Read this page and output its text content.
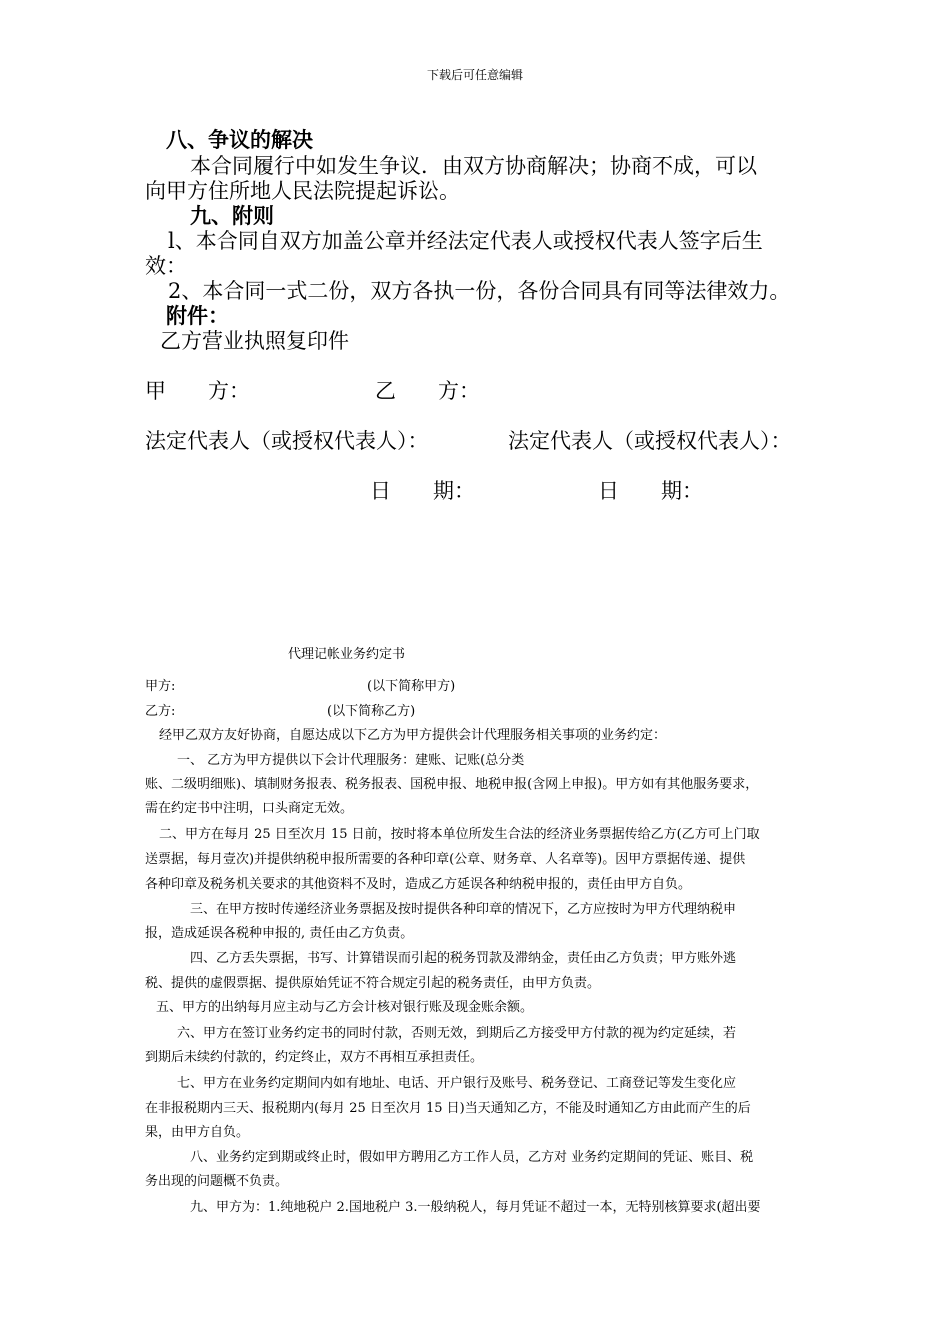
下载后可任意编辑
八、争议的解决
本合同履行中如发生争议．由双方协商解决；协商不成，可以
向甲方住所地人民法院提起诉讼。
九、附则
l、本合同自双方加盖公章并经法定代表人或授权代表人签字后生
效：
2、本合同一式二份，双方各执一份，各份合同具有同等法律效力。
附件：
乙方营业执照复印件
甲　　方：	乙　　方：
法定代表人（或授权代表人）：	法定代表人（或授权代表人）：
日　　期：	日　　期：
代理记帐业务约定书
甲方:	(以下简称甲方)
乙方:	(以下简称乙方)
经甲乙双方友好协商，自愿达成以下乙方为甲方提供会计代理服务相关事项的业务约定：
一、 乙方为甲方提供以下会计代理服务：建账、记账(总分类
账、二级明细账)、填制财务报表、税务报表、国税申报、地税申报(含网上申报)。甲方如有其他服务要求，
需在约定书中注明，口头商定无效。
二、甲方在每月 25 日至次月 15 日前，按时将本单位所发生合法的经济业务票据传给乙方(乙方可上门取
送票据，每月壹次)并提供纳税申报所需要的各种印章(公章、财务章、人名章等)。因甲方票据传递、提供
各种印章及税务机关要求的其他资料不及时，造成乙方延误各种纳税申报的，责任由甲方自负。
三、在甲方按时传递经济业务票据及按时提供各种印章的情况下，乙方应按时为甲方代理纳税申
报，造成延误各税种申报的, 责任由乙方负责。
四、乙方丢失票据，书写、计算错误而引起的税务罚款及滞纳金，责任由乙方负责；甲方账外逃
税、提供的虚假票据、提供原始凭证不符合规定引起的税务责任，由甲方负责。
五、甲方的出纳每月应主动与乙方会计核对银行账及现金账余额。
六、甲方在签订业务约定书的同时付款，否则无效，到期后乙方接受甲方付款的视为约定延续，若
到期后未续约付款的，约定终止，双方不再相互承担责任。
七、甲方在业务约定期间内如有地址、电话、开户银行及账号、税务登记、工商登记等发生变化应
在非报税期内三天、报税期内(每月 25 日至次月 15 日)当天通知乙方，不能及时通知乙方由此而产生的后
果，由甲方自负。
八、业务约定到期或终止时，假如甲方聘用乙方工作人员，乙方对 业务约定期间的凭证、账目、税
务出现的问题概不负责。
九、甲方为：1.纯地税户 2.国地税户 3.一般纳税人，每月凭证不超过一本，无特别核算要求(超出要
